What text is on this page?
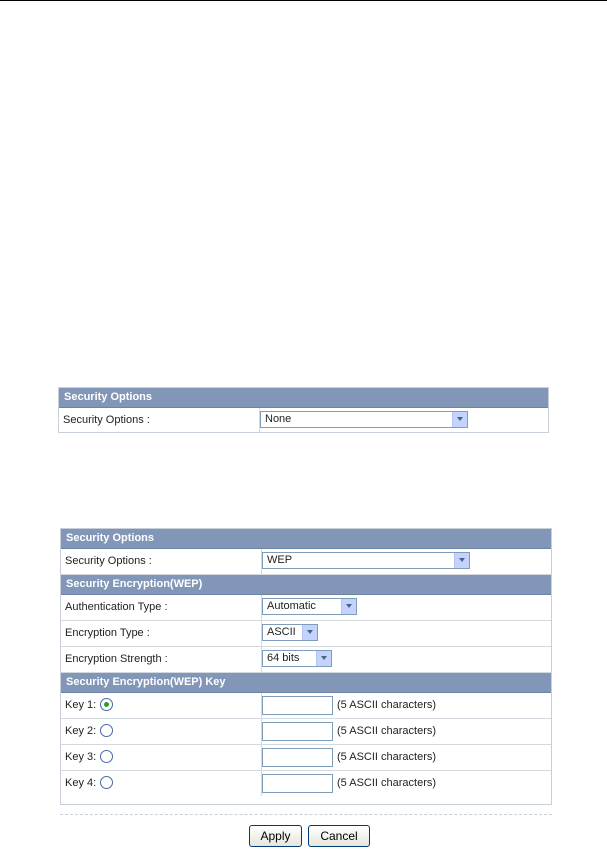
Security Options
Security Options :	None
Security Options
Security Options :	WEP
Security Encryption(WEP)
Authentication Type :	Automatic
Encryption Type :	ASCII
Encryption Strength :	64 bits
Security Encryption(WEP) Key
Key 1:	(5 ASCII characters)
Key 2:	(5 ASCII characters)
Key 3:	(5 ASCII characters)
Key 4:	(5 ASCII characters)
Apply	Cancel
